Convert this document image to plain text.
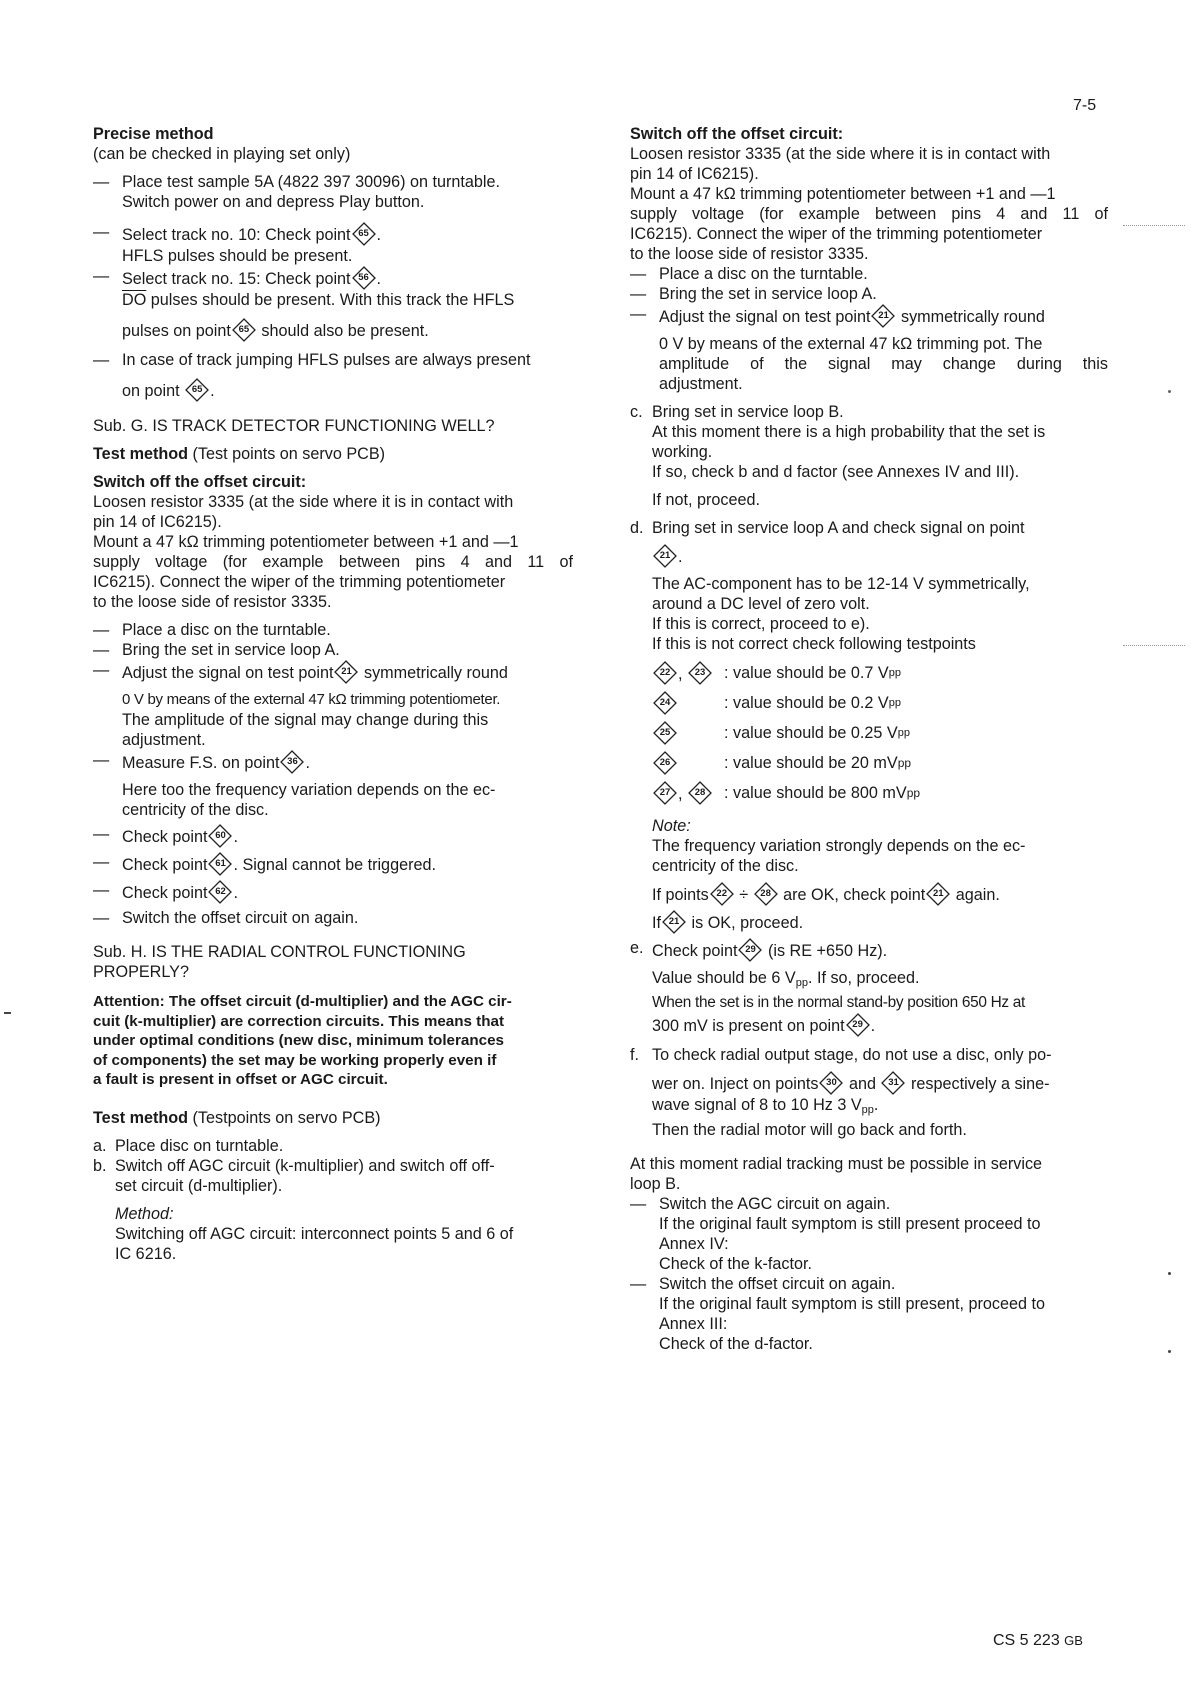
7-5

Precise method

(can be checked in playing set only)

— Place test sample 5A (4822 397 30096) on turntable.
Switch power on and depress Play button.
— Select track no. 10: Check point 65 .
HFLS pulses should be present.
— Select track no. 15: Check point 56 .
$\overline{DO}$ pulses should be present. With this track the HFLS
pulses on point 65 should also be present.
— In case of track jumping HFLS pulses are always present
on point	65 .

Sub. G. IS TRACK DETECTOR FUNCTIONING WELL?

Test method (Test points on servo PCB)

Switch off the offset circuit:

Loosen resistor 3335 (at the side where it is in contact with

pin 14 of IC6215).

Mount a 47 kΩ trimming potentiometer between +1 and —1

supply voltage (for example between pins 4 and 11 of

IC6215). Connect the wiper of the trimming potentiometer

to the loose side of resistor 3335.

— Place a disc on the turntable.
— Bring the set in service loop A.
— Adjust the signal on test point 21 symmetrically round
0 V by means of the external 47 kΩ trimming potentiometer.
The amplitude of the signal may change during this
adjustment.
— Measure F.S. on point 36 .
Here too the frequency variation depends on the ec-
centricity of the disc.
— Check point 60 .
— Check point 61 . Signal cannot be triggered.
— Check point 62 .
— Switch the offset circuit on again.

Sub. H. IS THE RADIAL CONTROL FUNCTIONING

PROPERLY?

Attention: The offset circuit (d-multiplier) and the AGC cir-
cuit (k-multiplier) are correction circuits. This means that
under optimal conditions (new disc, minimum tolerances
of components) the set may be working properly even if
a fault is present in offset or AGC circuit.

Test method (Testpoints on servo PCB)

a. Place disc on turntable.
b. Switch off AGC circuit (k-multiplier) and switch off off-
set circuit (d-multiplier).
Method:
Switching off AGC circuit: interconnect points 5 and 6 of
IC 6216.

Switch off the offset circuit:

Loosen resistor 3335 (at the side where it is in contact with

pin 14 of IC6215).

Mount a 47 kΩ trimming potentiometer between +1 and —1

supply voltage (for example between pins 4 and 11 of

IC6215). Connect the wiper of the trimming potentiometer

to the loose side of resistor 3335.

— Place a disc on the turntable.
— Bring the set in service loop A.
— Adjust the signal on test point 21 symmetrically round
0 V by means of the external 47 kΩ trimming pot. The
amplitude of the signal may change during this
adjustment.
c. Bring set in service loop B.
At this moment there is a high probability that the set is
working.
If so, check b and d factor (see Annexes IV and III).
If not, proceed.
d. Bring set in service loop A and check signal on point
21 .
The AC-component has to be 12-14 V symmetrically,
around a DC level of zero volt.
If this is correct, proceed to e).
If this is not correct check following testpoints
22 ,	23	: value should be 0.7 V pp
24	: value should be 0.2 V pp
25	: value should be 0.25 V pp
26	: value should be 20 mV pp
27 ,	28	: value should be 800 mV pp
Note:
The frequency variation strongly depends on the ec-
centricity of the disc.
If points 22 ÷	28 are OK, check point 21 again.
If 21 is OK, proceed.
e. Check point 29 (is RE +650 Hz).
Value should be 6 $V_{pp}$. If so, proceed.
When the set is in the normal stand-by position 650 Hz at
300 mV is present on point 29 .
f. To check radial output stage, do not use a disc, only po-
wer on. Inject on points 30 and	31 respectively a sine-
wave signal of 8 to 10 Hz 3 $V_{pp}$.
Then the radial motor will go back and forth.

At this moment radial tracking must be possible in service

loop B.

— Switch the AGC circuit on again.
If the original fault symptom is still present proceed to
Annex IV:
Check of the k-factor.
— Switch the offset circuit on again.
If the original fault symptom is still present, proceed to
Annex III:
Check of the d-factor.
CS 5 223 GB
